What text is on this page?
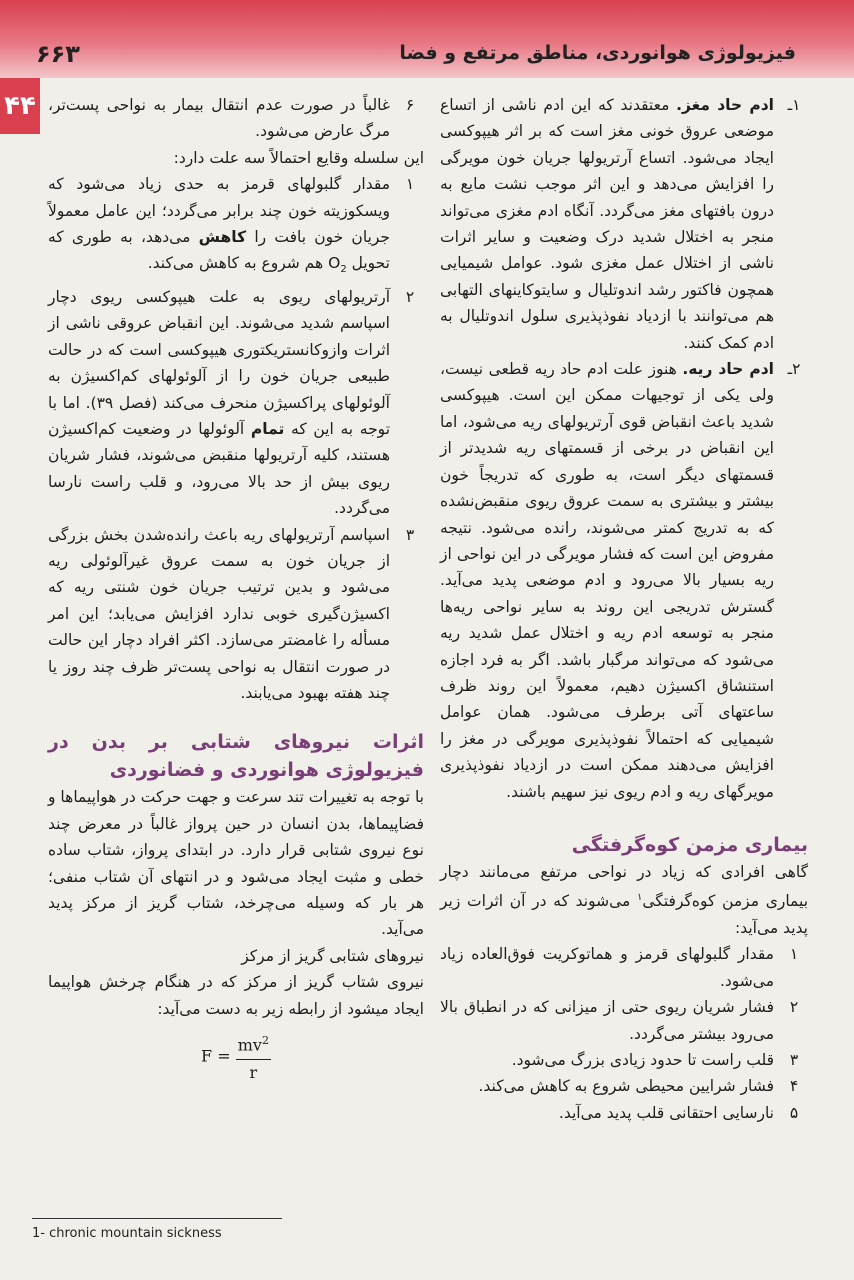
۶۶۳	فیزیولوژی هوانوردی، مناطق مرتفع و فضا
۴۴	۱ـ
ادم حاد مغز. معتقدند که این ادم ناشی از اتساع موضعی عروق خونی مغز است که بر اثر هیپوکسی ایجاد می‌شود. اتساع آرتریولها جریان خون مویرگی را افزایش می‌دهد و این اثر موجب نشت مایع به درون بافتهای مغز می‌گردد. آنگاه ادم مغزی می‌تواند منجر به اختلال شدید درک وضعیت و سایر اثرات ناشی از اختلال عمل مغزی شود. عوامل شیمیایی همچون فاکتور رشد اندوتلیال و سایتوکاینهای التهابی هم می‌توانند با ازدیاد نفوذپذیری سلول اندوتلیال به ادم کمک کنند.

۲ـ
ادم حاد ریه. هنوز علت ادم حاد ریه قطعی نیست، ولی یکی از توجیهات ممکن این است. هیپوکسی شدید باعث انقباض قوی آرتریولهای ریه می‌شود، اما این انقباض در برخی از قسمتهای ریه شدیدتر از قسمتهای دیگر است، به طوری که تدریجاً خون بیشتر و بیشتری به سمت عروق ریوی منقبض‌نشده که به تدریج کمتر می‌شوند، رانده می‌شود. نتیجه مفروض این است که فشار مویرگی در این نواحی از ریه بسیار بالا می‌رود و ادم موضعی پدید می‌آید. گسترش تدریجی این روند به سایر نواحی ریه‌ها منجر به توسعه ادم ریه و اختلال عمل شدید ریه می‌شود که می‌تواند مرگبار باشد. اگر به فرد اجازه استنشاق اکسیژن دهیم، معمولاً این روند ظرف ساعتهای آتی برطرف می‌شود. همان عوامل شیمیایی که احتمالاً نفوذپذیری مویرگی در مغز را افزایش می‌دهند ممکن است در ازدیاد نفوذپذیری مویرگهای ریه و ادم ریوی نیز سهیم باشند.

بیماری مزمن کوه‌گرفتگی

گاهی افرادی که زیاد در نواحی مرتفع می‌مانند دچار بیماری مزمن کوه‌گرفتگی$^۱$ می‌شوند که در آن اثرات زیر پدید می‌آید:

۱
مقدار گلبولهای قرمز و هماتوکریت فوق‌العاده زیاد می‌شود.

۲
فشار شریان ریوی حتی از میزانی که در انطباق بالا می‌رود بیشتر می‌گردد.

۳
قلب راست تا حدود زیادی بزرگ می‌شود.

۴
فشار شرایین محیطی شروع به کاهش می‌کند.

۵
نارسایی احتقانی قلب پدید می‌آید.

۶
غالباً در صورت عدم انتقال بیمار به نواحی پست‌تر، مرگ عارض می‌شود.

این سلسله وقایع احتمالاً سه علت دارد:

۱
مقدار گلبولهای قرمز به حدی زیاد می‌شود که ویسکوزیته خون چند برابر می‌گردد؛ این عامل معمولاً جریان خون بافت را کاهش می‌دهد، به طوری که تحویل $O_2$ هم شروع به کاهش می‌کند.

۲
آرتریولهای ریوی به علت هیپوکسی ریوی دچار اسپاسم شدید می‌شوند. این انقباض عروقی ناشی از اثرات وازوکانستریکتوری هیپوکسی است که در حالت طبیعی جریان خون را از آلوئولهای کم‌اکسیژن به آلوئولهای پراکسیژن منحرف می‌کند (فصل ۳۹). اما با توجه به این که تمام آلوئولها در وضعیت کم‌اکسیژن هستند، کلیه آرتریولها منقبض می‌شوند، فشار شریان ریوی بیش از حد بالا می‌رود، و قلب راست نارسا می‌گردد.

۳
اسپاسم آرتریولهای ریه باعث رانده‌شدن بخش بزرگی از جریان خون به سمت عروق غیرآلوئولی ریه می‌شود و بدین ترتیب جریان خون شنتی ریه که اکسیژن‌گیری خوبی ندارد افزایش می‌یابد؛ این امر مسأله را غامضتر می‌سازد. اکثر افراد دچار این حالت در صورت انتقال به نواحی پست‌تر ظرف چند روز یا چند هفته بهبود می‌یابند.

اثرات نیروهای شتابی بر بدن در فیزیولوژی هوانوردی و فضانوردی

با توجه به تغییرات تند سرعت و جهت حرکت در هواپیماها و فضاپیماها، بدن انسان در حین پرواز غالباً در معرض چند نوع نیروی شتابی قرار دارد. در ابتدای پرواز، شتاب ساده خطی و مثبت ایجاد می‌شود و در انتهای آن شتاب منفی؛ هر بار که وسیله می‌چرخد، شتاب گریز از مرکز پدید می‌آید.

نیروهای شتابی گریز از مرکز

نیروی شتاب گریز از مرکز که در هنگام چرخش هواپیما ایجاد میشود از رابطه زیر به دست می‌آید:

$F = \frac{mv^2}{r}$
1- chronic mountain sickness
